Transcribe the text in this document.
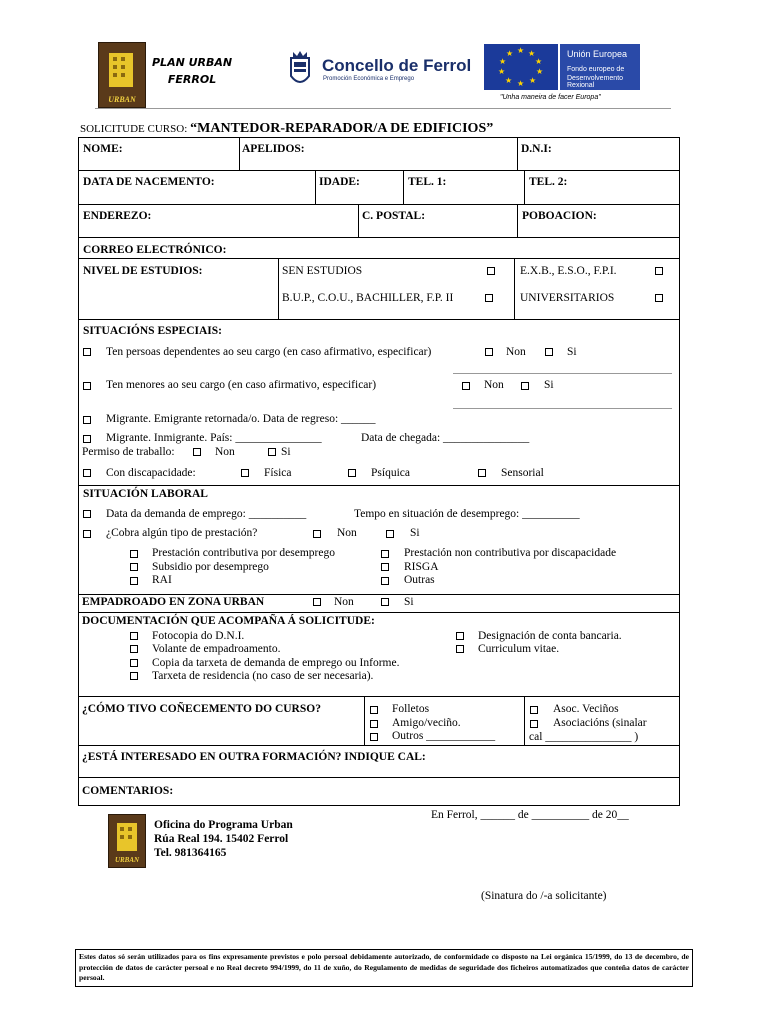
URBAN
PLAN URBAN
FERROL
Concello de Ferrol
Promoción Económica e Emprego
★ ★
★
★
★
★
★
★
★
★	Unión Europea
Fondo europeo de
Desenvolvemento Rexional
"Unha maneira de facer Europa"
SOLICITUDE CURSO: “MANTEDOR-REPARADOR/A DE EDIFICIOS”
NOME:	APELIDOS:	D.N.I:
DATA DE NACEMENTO:	IDADE:	TEL. 1:	TEL. 2:
ENDEREZO:	C. POSTAL:	POBOACION:
CORREO ELECTRÓNICO:
NIVEL DE ESTUDIOS:	SEN ESTUDIOS	E.X.B., E.S.O., F.P.I.
B.U.P., C.O.U., BACHILLER, F.P. II	UNIVERSITARIOS
SITUACIÓNS ESPECIAIS:
Ten persoas dependentes ao seu cargo (en caso afirmativo, especificar)	Non	Si
Ten menores ao seu cargo (en caso afirmativo, especificar)	Non	Si
Migrante. Emigrante retornada/o. Data de regreso: ______
Migrante. Inmigrante. País: _______________	Data de chegada: _______________
Permiso de traballo:	Non	Si
Con discapacidade:	Física	Psíquica	Sensorial
SITUACIÓN LABORAL
Data da demanda de emprego: __________	Tempo en situación de desemprego: __________
¿Cobra algún tipo de prestación?	Non	Si
Prestación contributiva por desemprego
Subsidio por desemprego
RAI
Prestación non contributiva por discapacidade
RISGA
Outras
EMPADROADO EN ZONA URBAN	Non	Si
DOCUMENTACIÓN QUE ACOMPAÑA Á SOLICITUDE:
Fotocopia do D.N.I.
Volante de empadroamento.
Copia da tarxeta de demanda de emprego ou Informe.
Tarxeta de residencia (no caso de ser necesaria).
Designación de conta bancaria.
Curriculum vitae.
¿CÓMO TIVO COÑECEMENTO DO CURSO?	Folletos
Amigo/veciño.
Outros ____________
Asoc. Veciños
Asociacións (sinalar
cal _______________ )
¿ESTÁ INTERESADO EN OUTRA FORMACIÓN? INDIQUE CAL:
COMENTARIOS:
URBAN
Oficina do Programa Urban
Rúa Real 194. 15402 Ferrol
Tel. 981364165
En Ferrol, ______ de __________ de 20__
(Sinatura do /-a solicitante)
Estes datos só serán utilizados para os fins expresamente previstos e polo persoal debidamente autorizado, de conformidade co disposto na Lei orgánica 15/1999, do 13 de decembro, de protección de datos de carácter persoal e no Real decreto 994/1999, do 11 de xuño, do Regulamento de medidas de seguridade dos ficheiros automatizados que conteña datos de carácter persoal.
